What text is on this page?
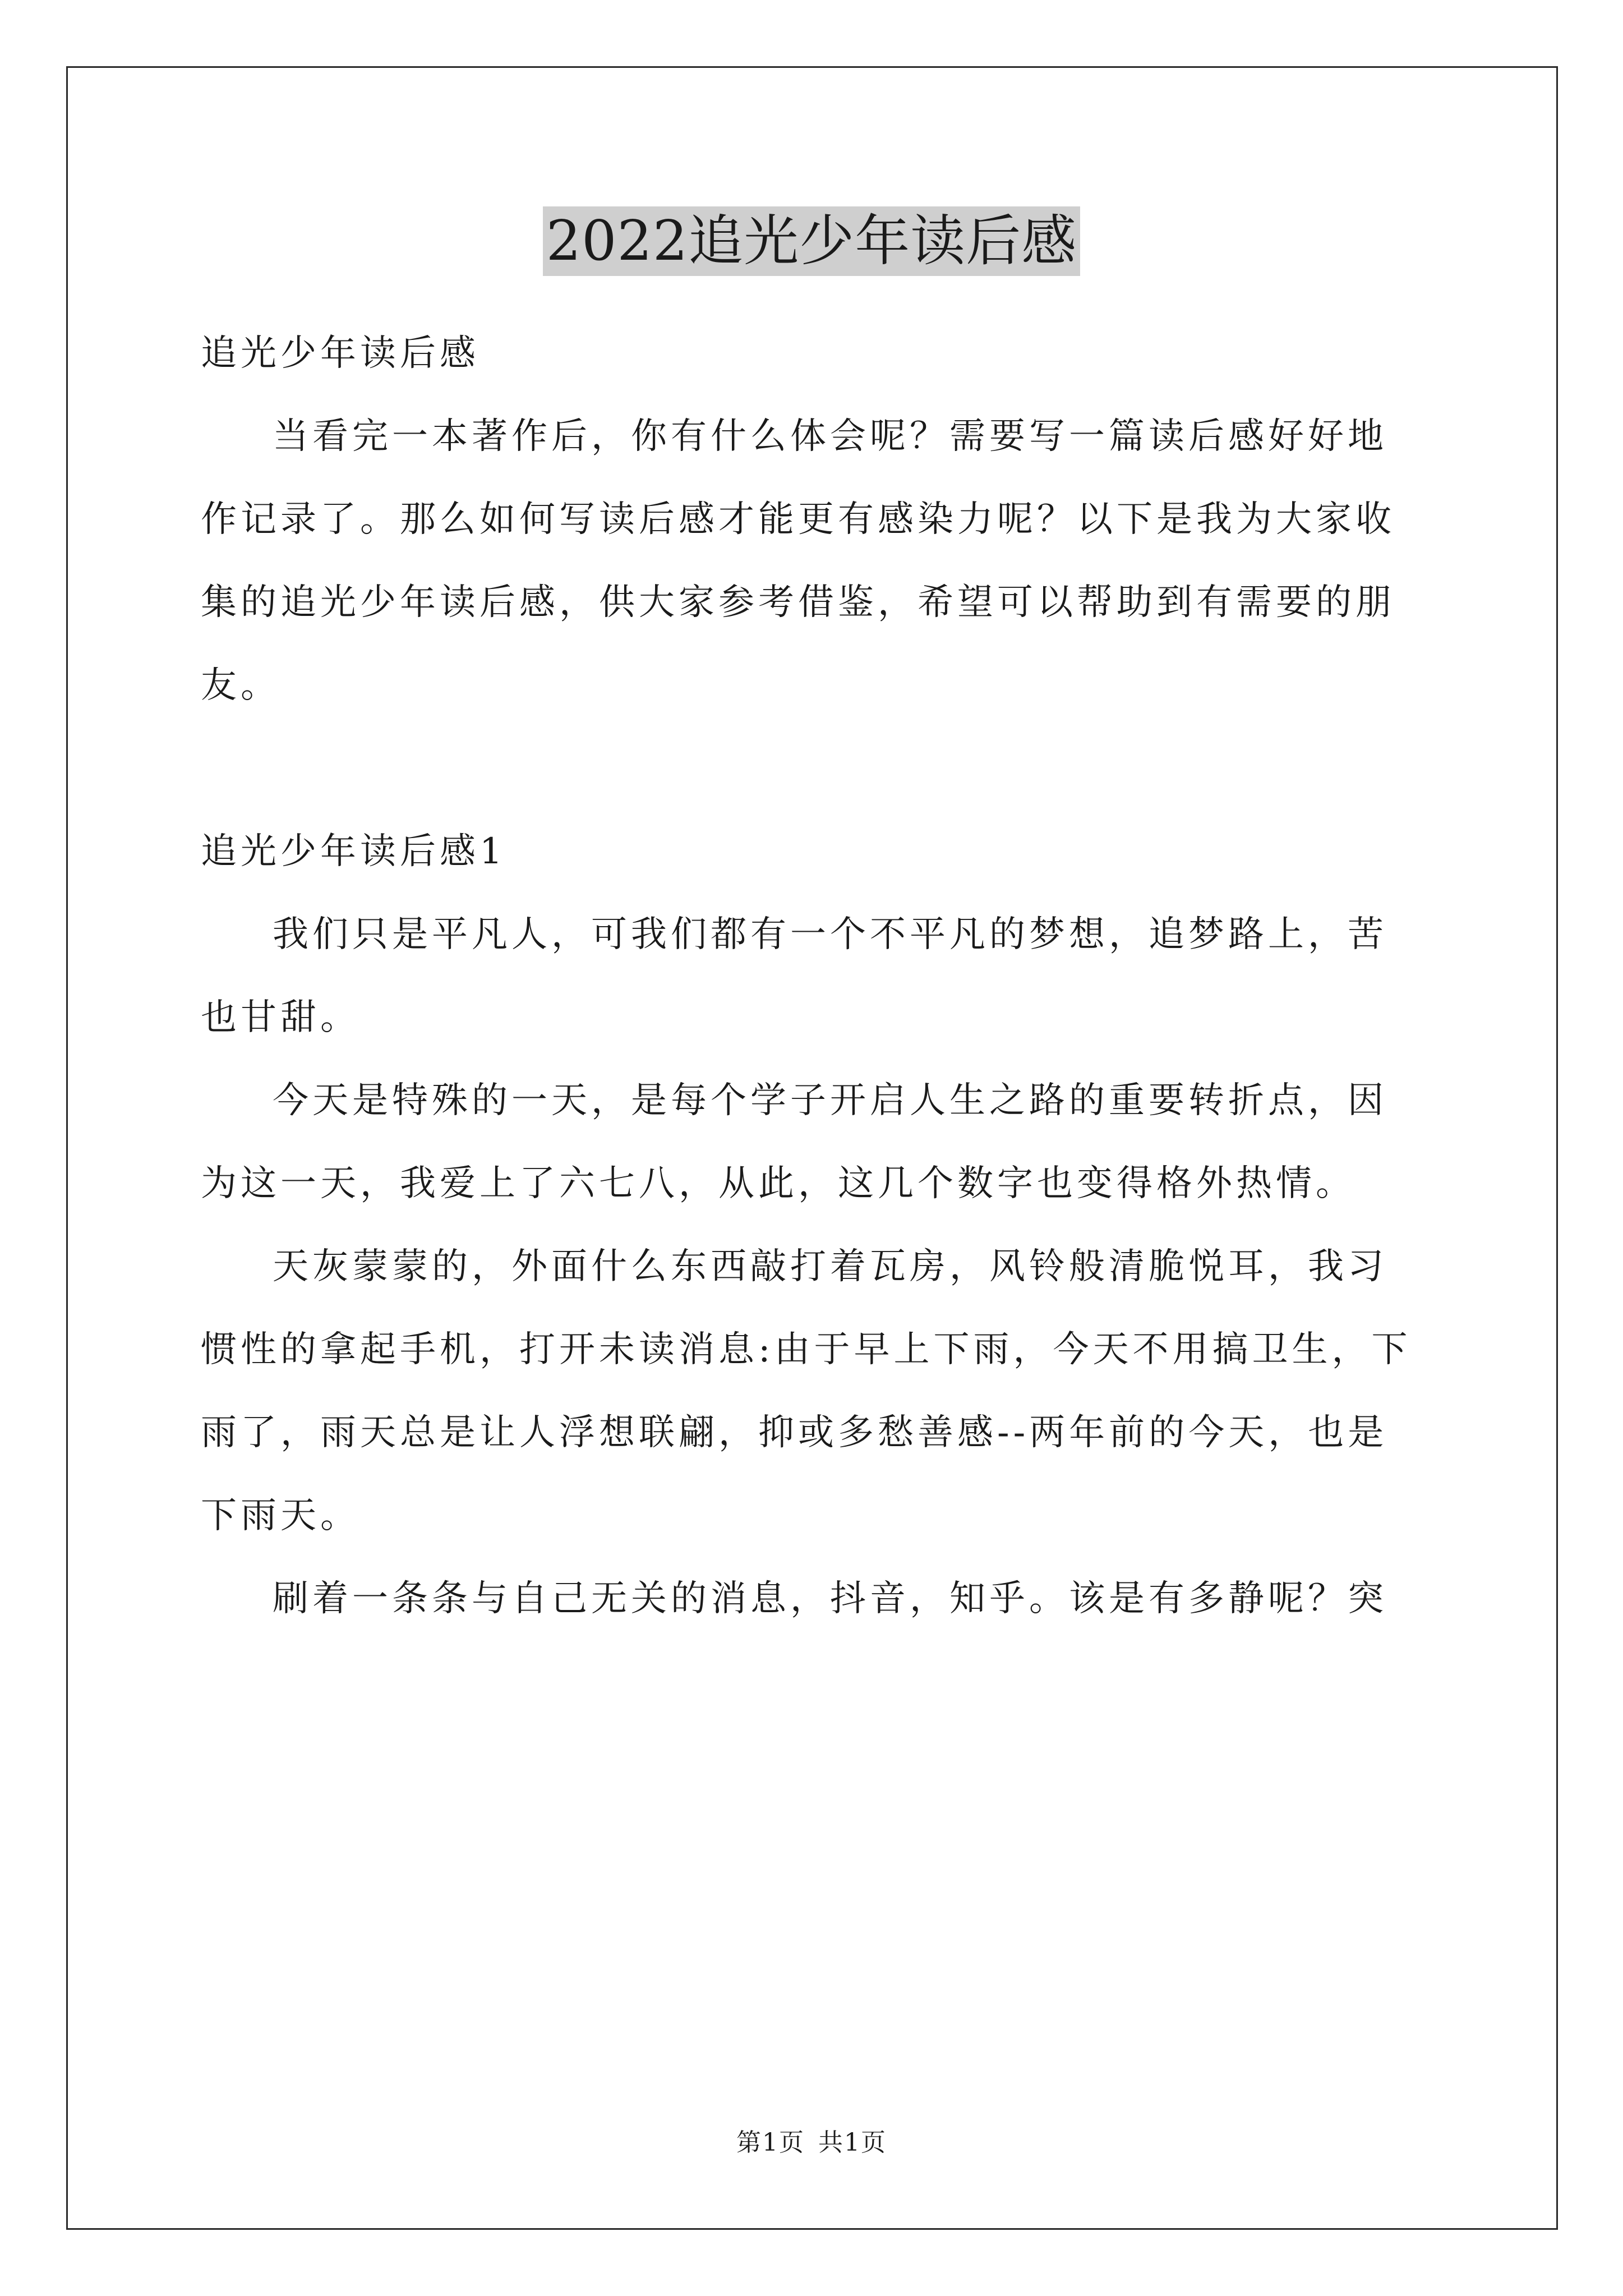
2022追光少年读后感

追光少年读后感

当看完一本著作后，你有什么体会呢？需要写一篇读后感好好地作记录了。那么如何写读后感才能更有感染力呢？以下是我为大家收集的追光少年读后感，供大家参考借鉴，希望可以帮助到有需要的朋友。

追光少年读后感1

我们只是平凡人，可我们都有一个不平凡的梦想，追梦路上，苦也甘甜。

今天是特殊的一天，是每个学子开启人生之路的重要转折点，因为这一天，我爱上了六七八，从此，这几个数字也变得格外热情。

天灰蒙蒙的，外面什么东西敲打着瓦房，风铃般清脆悦耳，我习惯性的拿起手机，打开未读消息:由于早上下雨，今天不用搞卫生，下雨了，雨天总是让人浮想联翩，抑或多愁善感--两年前的今天，也是下雨天。

刷着一条条与自己无关的消息，抖音，知乎。该是有多静呢？突

第1页 共1页
